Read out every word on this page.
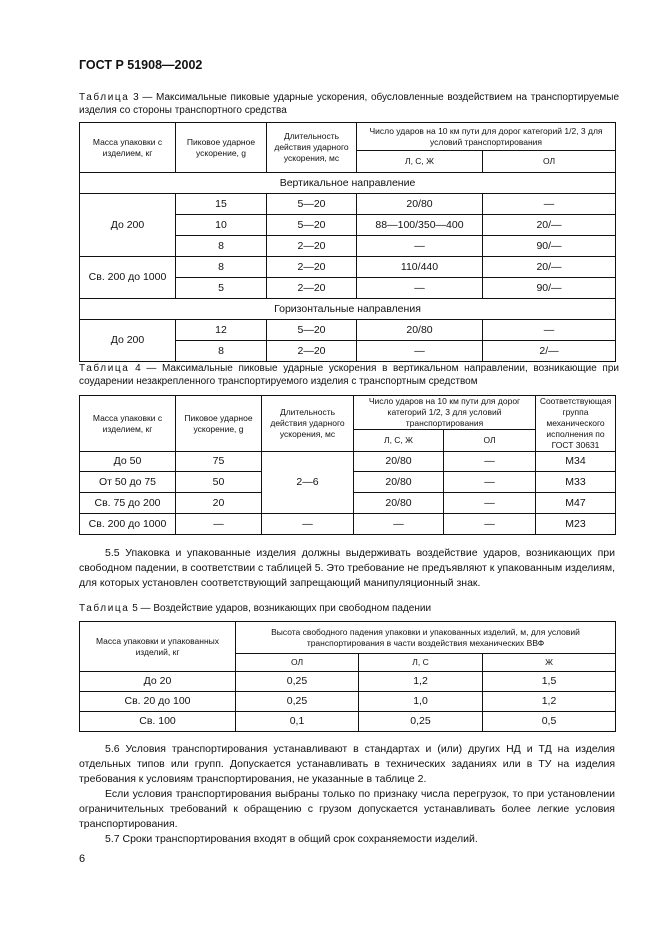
ГОСТ Р 51908—2002
Таблица 3 — Максимальные пиковые ударные ускорения, обусловленные воздействием на транспортируемые изделия со стороны транспортного средства
Масса упаковки с изделием, кг	Пиковое ударное ускорение, g	Длительность действия ударного ускорения, мс	Число ударов на 10 км пути для дорог категорий 1/2, 3 для условий транспортирования	
			Л, С, Ж	ОЛ
Вертикальное направление				
До 200	15	5—20	20/80	—
	10	5—20	88—100/350—400	20/—
	8	2—20	—	90/—
Св. 200 до 1000	8	2—20	110/440	20/—
	5	2—20	—	90/—
Горизонтальные направления				
До 200	12	5—20	20/80	—
	8	2—20	—	2/—
Таблица 4 — Максимальные пиковые ударные ускорения в вертикальном направлении, возникающие при соударении незакрепленного транспортируемого изделия с транспортным средством
Масса упаковки с изделием, кг	Пиковое ударное ускорение, g	Длительность действия ударного ускорения, мс	Число ударов на 10 км пути для дорог категорий 1/2, 3 для условий транспортирования		Соответствующая группа механического исполнения по ГОСТ 30631
			Л, С, Ж	ОЛ	
До 50	75	2—6	20/80	—	М34
От 50 до 75	50		20/80	—	М33
Св. 75 до 200	20		20/80	—	М47
Св. 200 до 1000	—	—	—	—	М23

5.5 Упаковка и упакованные изделия должны выдерживать воздействие ударов, возникающих при свободном падении, в соответствии с таблицей 5. Это требование не предъявляют к упакованным изделиям, для которых установлен соответствующий запрещающий манипуляционный знак.

Таблица 5 — Воздействие ударов, возникающих при свободном падении
Масса упаковки и упакованных изделий, кг	Высота свободного падения упаковки и упакованных изделий, м, для условий транспортирования в части воздействия механических ВВФ		
	ОЛ	Л, С	Ж
До 20	0,25	1,2	1,5
Св. 20 до 100	0,25	1,0	1,2
Св. 100	0,1	0,25	0,5

5.6 Условия транспортирования устанавливают в стандартах и (или) других НД и ТД на изделия отдельных типов или групп. Допускается устанавливать в технических заданиях или в ТУ на изделия требования к условиям транспортирования, не указанные в таблице 2.

Если условия транспортирования выбраны только по признаку числа перегрузок, то при установлении ограничительных требований к обращению с грузом допускается устанавливать более легкие условия транспортирования.

5.7 Сроки транспортирования входят в общий срок сохраняемости изделий.

6
